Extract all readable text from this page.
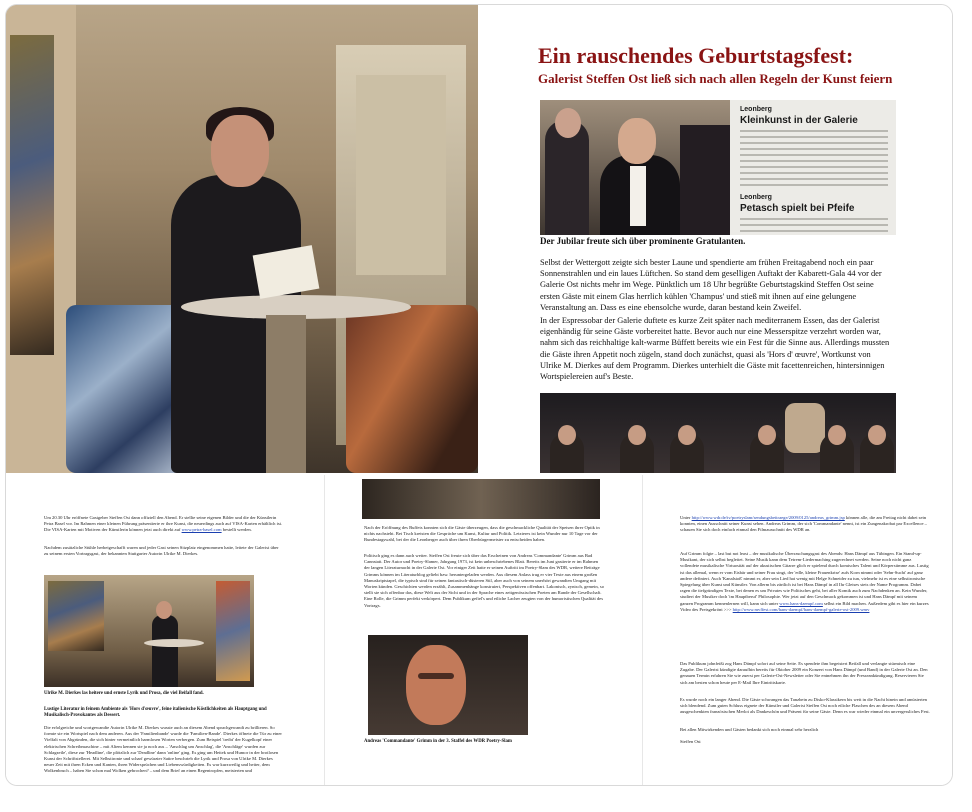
Ein rauschendes Geburtstagsfest:
Galerist Steffen Ost ließ sich nach allen Regeln der Kunst feiern
Leonberg
Kleinkunst in der Galerie
Leonberg
Petasch spielt bei Pfeife
Der Jubilar freute sich über prominente Gratulanten.
Selbst der Wettergott zeigte sich bester Laune und spendierte am frühen Freitagabend noch ein paar Sonnenstrahlen und ein laues Lüftchen. So stand dem geselligen Auftakt der Kabarett-Gala 44 vor der Galerie Ost nichts mehr im Wege. Pünktlich um 18 Uhr begrüßte Geburtstagskind Steffen Ost seine ersten Gäste mit einem Glas herrlich kühlen 'Champus' und stieß mit ihnen auf eine gelungene Veranstaltung an. Dass es eine ebensolche wurde, daran bestand kein Zweifel.
In der Espressobar der Galerie duftete es kurze Zeit später nach mediterranem Essen, das der Galerist eigenhändig für seine Gäste vorbereitet hatte. Bevor auch nur eine Messerspitze verzehrt worden war, nahm sich das reichhaltige kalt-warme Büffett bereits wie ein Fest für die Sinne aus. Allerdings mussten die Gäste ihren Appetit noch zügeln, stand doch zunächst, quasi als 'Hors d' œuvre', Wortkunst von Ulrike M. Dierkes auf dem Programm. Dierkes unterhielt die Gäste mit facettenreichen, hintersinnigen Wortspielereien auf's Beste.
Um 20.30 Uhr eröffnete Gastgeber Steffen Ost dann offiziell den Abend. Er stellte seine eigenen Bilder und die der Künstlerin Petra Basel vor. Im Rahmen einer kleinen Führung präsentierte er ihre Kunst, die neuerdings auch auf VISA-Karten erhältlich ist. Die VISA-Karten mit Motiven der Künstlerin können jetzt auch direkt auf www.petra-basel.com bestellt werden.
Nachdem zusätzliche Stühle herbeigeschafft waren und jeder Gast seinen Sitzplatz eingenommen hatte, leitete der Galerist über zu seinem ersten Vortragsgast, der bekannten Stuttgarter Autorin Ulrike M. Dierkes.
Ulrike M. Dierkes las heitere und ernste Lyrik und Prosa, die viel Beifall fand.
Lustige Literatur in feinem Ambiente als 'Hors d'œuvre', feine italienische Köstlichkeiten als Hauptgang und Musikalisch-Provokantes als Dessert.
Die erfolgreiche und wortgewandte Autorin Ulrike M. Dierkes wusste auch an diesem Abend sprachgewandt zu brillieren. So formte sie ein Wortspiel nach dem anderen. Aus der 'Familienbande' wurde die 'Familien-Bande'. Dierkes öffnete die Tür zu einer Vielfalt von Abgründen, die sich hinter vermeintlich harmlosen Worten verbergen. Zum Beispiel 'treibt' der Kugelkopf einer elektrischen Schreibmaschine – mit Altem kennen sie ja noch aus – 'Anschlag um Anschlag', die 'Anschläge' wurden zur Schlagzeile', diese zur 'Headline', die plötzlich zur 'Deadline' dann 'online' ging. Es ging um Heitek und Humor in der brotlosen Kunst der Schriftstellerei. Mit Selbstironie und scharf gewürzter Satire beschrieb die Lyrik und Prosa von Ulrike M. Dierkes neuer Zeit mit ihren Ecken und Kanten, ihren Widersprüchen und Liebenswürdigkeiten. Es war kurzweilig und heiter, dem Wolkenbruch – haben Sie schon mal Wolken gebrochen? – und dem Brief an einen Regentropfen, meisterten und
Nach der Eröffnung des Buffets konnten sich die Gäste überzeugen, dass die geschmackliche Qualität der Speisen ihrer Optik in nichts nachsteht. Bei Tisch kreisten die Gespräche um Kunst, Kultur und Politik. Letzteres ist kein Wunder nur 10 Tage vor der Bundestagswahl, bei der die Leonberger auch über ihren Oberbürgermeister zu entscheiden haben.
Politisch ging es dann auch weiter. Steffen Ost freute sich über das Erscheinen von Andreas 'Commandante' Grimm aus Bad Cannstatt. Der Autor und Poetry-Slamer, Jahrgang 1973, ist kein unbeschriebenes Blatt. Bereits im Juni gastierte er im Rahmen der langen Literaturnacht in der Galerie Ost. Vor einiger Zeit hatte er seinen Auftritt im Poetry-Slam des WDR, weitere Beiträge Grimms können im Literaturblog geliebt bzw. heruntergeladen werden. Aus diesem Anlass trug er vier Texte aus einem großen Manuskriptstapel, die typisch sind für seinen fantastisch-düsteren Stil, aber auch von seinem unerhört gewandten Umgang mit Worten künden. Geschichten werden erzählt, Zusammenhänge konstruiert, Perspektiven offenbart. Lakonisch, zynisch, gemein, so stellt sie sich offenbar das, diese Welt aus der Sicht und in der Sprache eines zeitgenössischen Poeten am Rande der Gesellschaft. Eine Rolle, die Grimm perfekt verkörpert. Dem Publikum gefiel's und etliche Lacher zeugten von der humoristischen Qualität des Vortrags.
Andreas 'Commandante' Grimm in der 3. Staffel des WDR Poetry-Slam
Unter http://www.wdr.de/tv/poetryslam/sendungsbeitraege/2009/0125/andreas_grimm.jsp können alle, die am Freitag nicht dabei sein konnten, einen Ausschnitt seiner Kunst sehen. Andreas Grimm, der sich 'Commandante' nennt, ist ein Zungenakrobat par Excellence – schauen Sie sich doch einfach einmal den Filmausschnitt des WDR an.
Auf Grimm folgte – last but not least – der musikalische Überraschungsgast des Abends: Hans Dämpf aus Tübingen. Ein Stand-up-Musikant, der sich selbst begleitet. Seine Musik kann dem Tetrem-Liedermaching zugerechnet werden. Seine noch nicht ganz vollendete musikalische Virtuosität auf der akustischen Gitarre glich er spielend durch komisches Talent und Körperstimme aus. Lustig ist das allemal, wenn er vom Eisbär und seiner Frau singt, der 'edle, kleine Frauenkrise' aufs Korn nimmt oder 'Sehn-Sucht' auf ganz andere definiert. Auch 'Kanalstoß' nimmt er, aber sein Lied hat wenig mit Helge Schneider zu tun, vielmehr ist es eine selbstironische Spiegelung über Kunst und Künstler. Von allerm bis zärtlich ist bei Hans Dämpf in all Ihr Gleises stets der Name Programm. Dabei ragen die tiefgründigen Texte, bei denen es um Privates wie Politisches geht, bei aller Komik auch zum Nachdenken an. Kein Wunder, studiert der Musiker doch 'im Hauptberuf' Philosophie. Wer jetzt auf den Geschmack gekommen ist und Hans Dämpf mit seinem ganzen Programm kennenlernen will, kann sich unter www.hans-daempf.com selbst ein Bild machen. Außerdem gibt es hier ein kurzes Video des Preisgekrönt >>> http://www.mvffest.com/hans-daempf/hans-daempf-galerie-ost-2009.wmv
Das Publikum johnfeißt zog Hans Dämpf sofort auf seine Seite. Es spendete ihm begeistert Beifall und verlangte stürmisch eine Zugabe. Der Galerist kündigte daraufhin bereits für Oktober 2009 ein Konzert von Hans Dämpf (und Band) in der Galerie Ost an. Den genauen Termin erfahren Sie wie zuerst per Galerie-Ost-Newsletter oder Sie entnehmen ihn der Presseankündigung. Reservieren Sie sich am besten schon heute per E-Mail Ihre Eintrittskarte.
Es wurde noch ein langer Abend. Die Gäste schwangen das Tanzbein zu Disko-Klassikern bis weit in die Nacht hinein und amüsierten sich blendend. Zum guten Schluss eignete der Künstler und Galerist Steffen Ost noch etliche Flaschen des an diesem Abend ausgeschenkten französischen Merlot als Dankeschön und Präsent für seine Gäste. Denn es war wieder einmal ein unvergessliches Fest.
Bei allen Mitwirkenden und Gästen bedankt sich noch einmal sehr herzlich
Steffen Ost
